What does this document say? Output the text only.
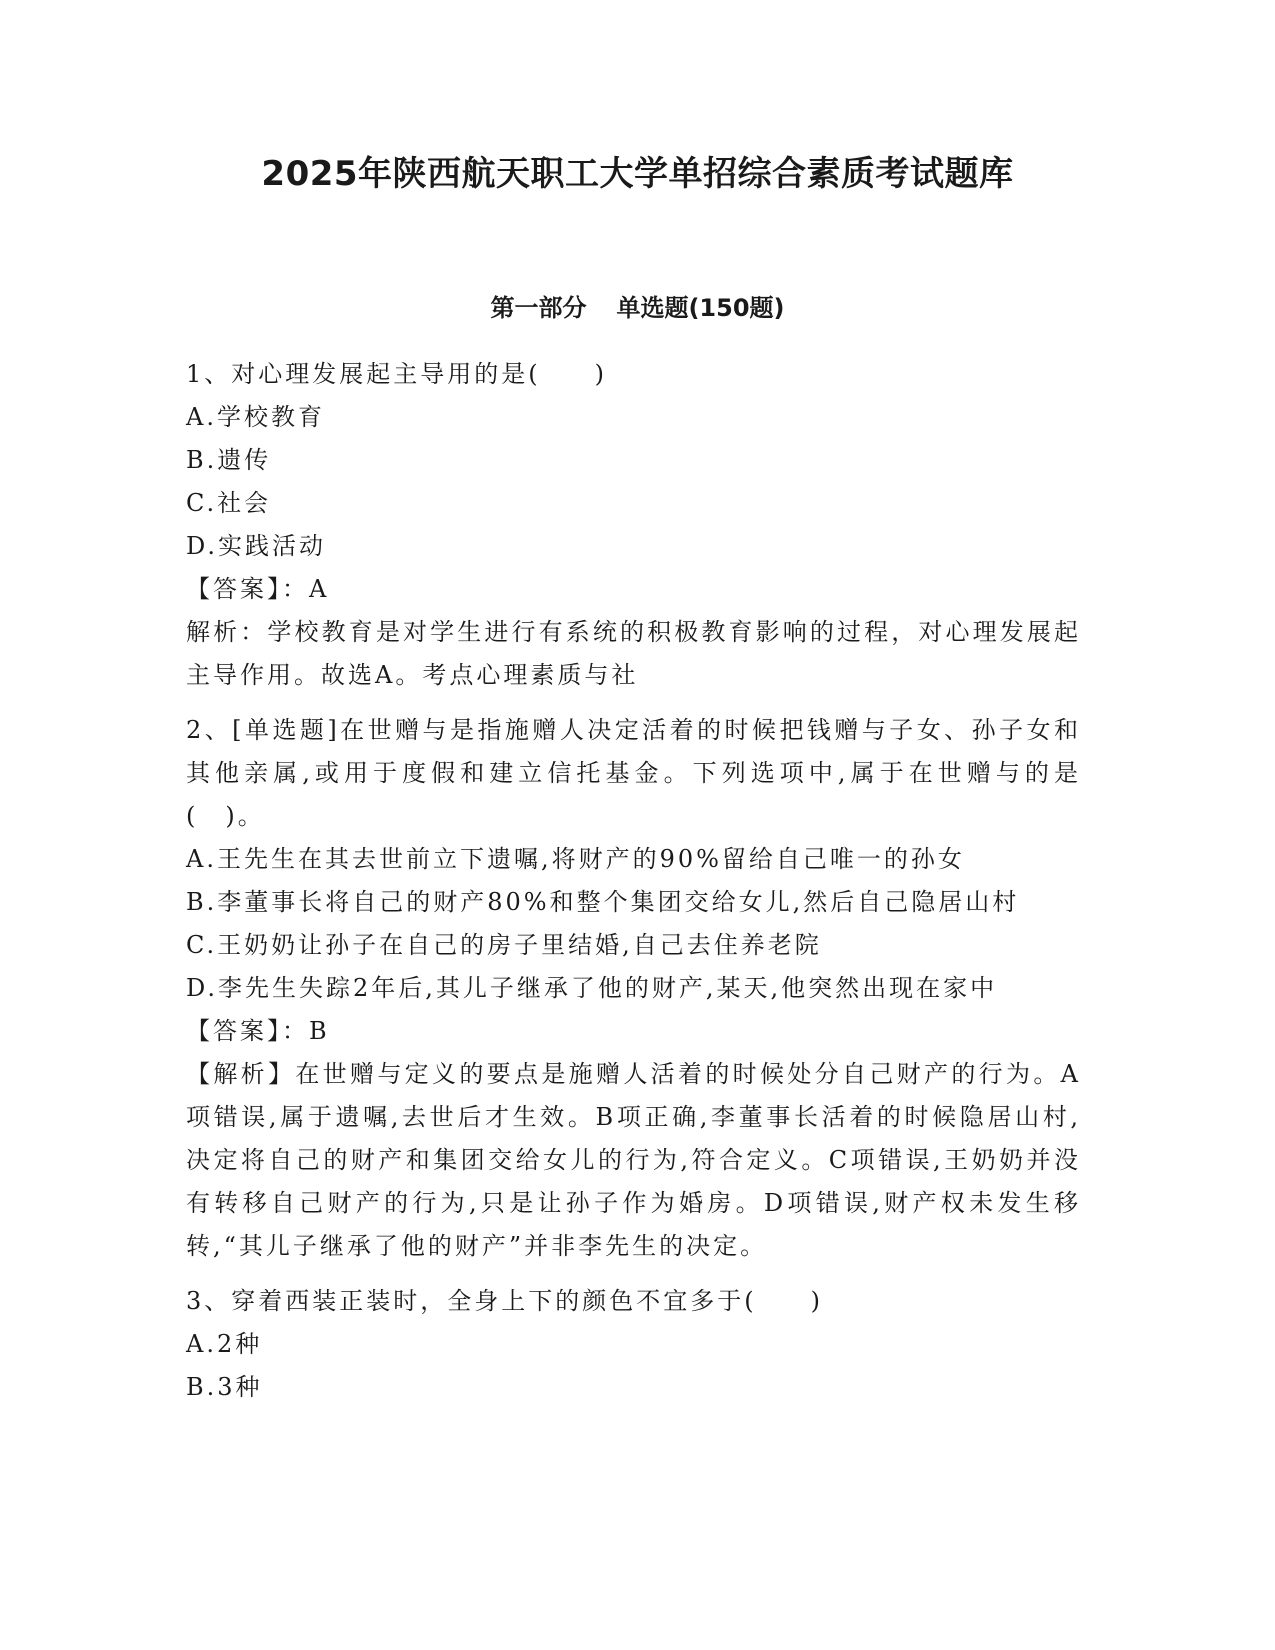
2025年陕西航天职工大学单招综合素质考试题库
第一部分 单选题(150题)

1、对心理发展起主导用的是(　　)

A.学校教育

B.遗传

C.社会

D.实践活动

【答案】：A

解析：学校教育是对学生进行有系统的积极教育影响的过程，对心理发展起主导作用。故选A。考点心理素质与社

2、[单选题]在世赠与是指施赠人决定活着的时候把钱赠与子女、孙子女和其他亲属,或用于度假和建立信托基金。下列选项中,属于在世赠与的是(　)。

A.王先生在其去世前立下遗嘱,将财产的90%留给自己唯一的孙女

B.李董事长将自己的财产80%和整个集团交给女儿,然后自己隐居山村

C.王奶奶让孙子在自己的房子里结婚,自己去住养老院

D.李先生失踪2年后,其儿子继承了他的财产,某天,他突然出现在家中

【答案】：B

【解析】在世赠与定义的要点是施赠人活着的时候处分自己财产的行为。A项错误,属于遗嘱,去世后才生效。B项正确,李董事长活着的时候隐居山村,决定将自己的财产和集团交给女儿的行为,符合定义。C项错误,王奶奶并没有转移自己财产的行为,只是让孙子作为婚房。D项错误,财产权未发生移转,“其儿子继承了他的财产”并非李先生的决定。

3、穿着西装正装时，全身上下的颜色不宜多于(　　)

A.2种

B.3种
